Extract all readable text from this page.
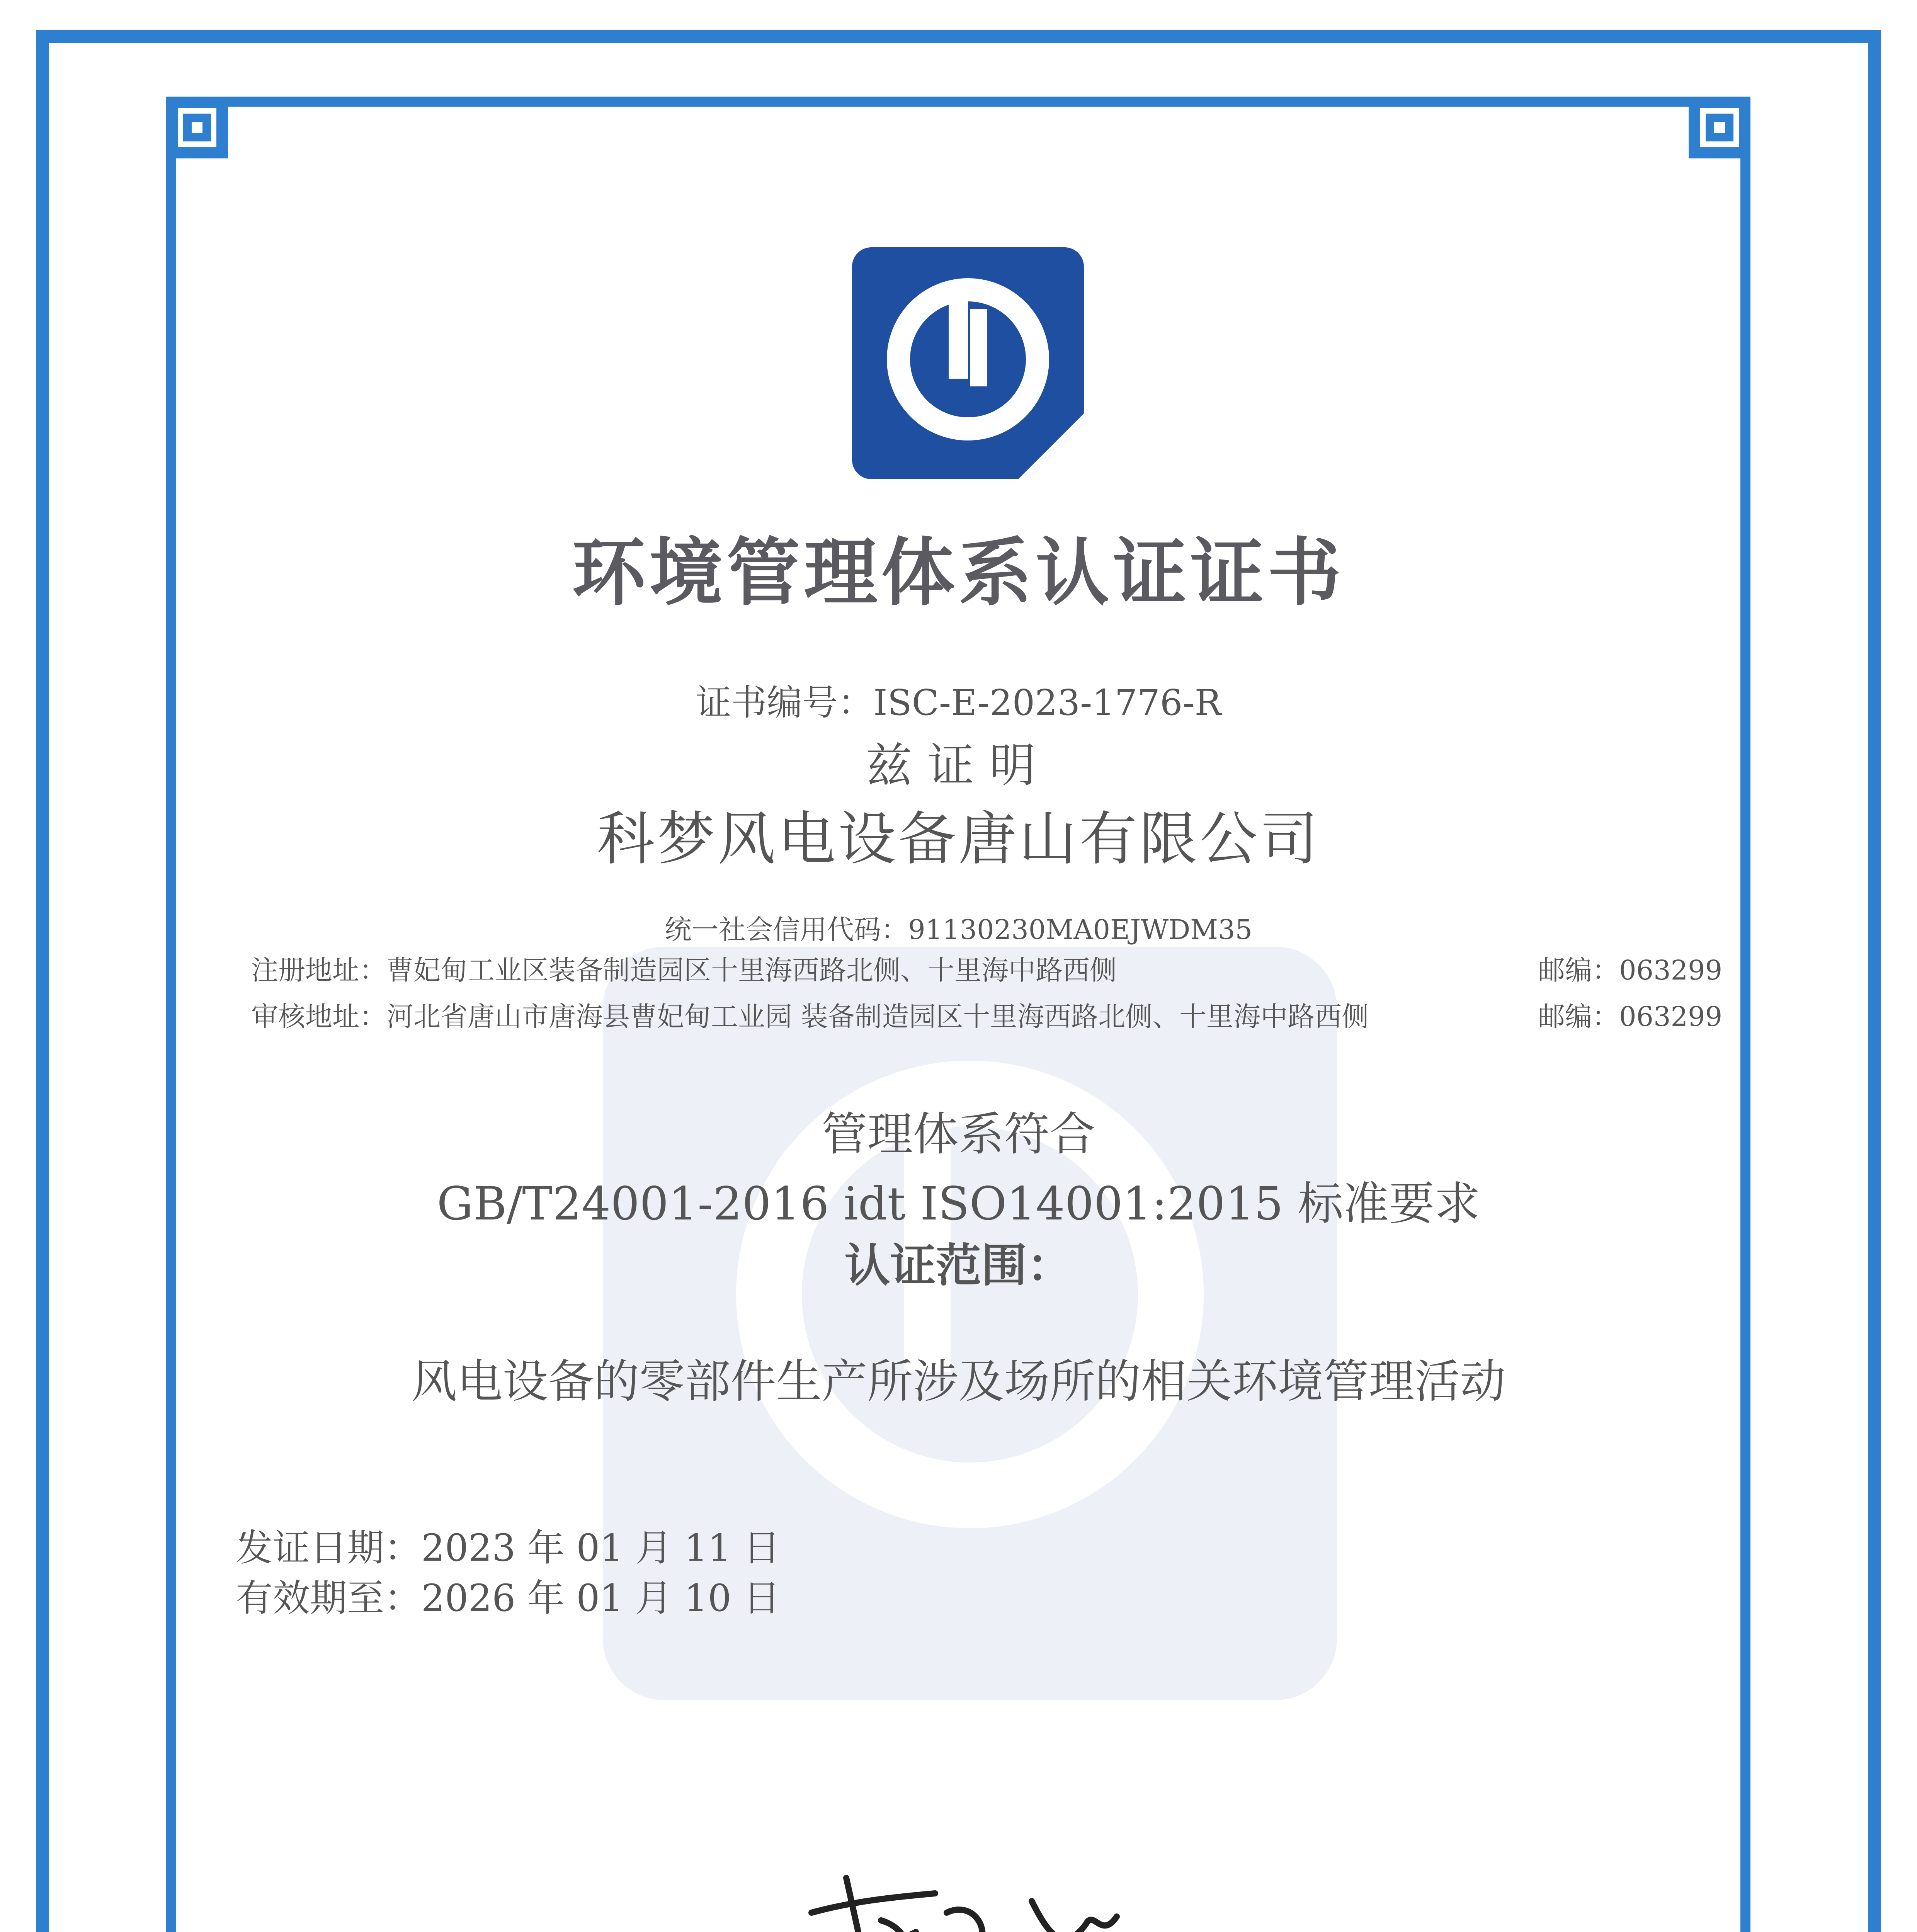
环境管理体系认证证书
证书编号：ISC-E-2023-1776-R
兹证明
科梦风电设备唐山有限公司
统一社会信用代码：91130230MA0EJWDM35
注册地址：曹妃甸工业区装备制造园区十里海西路北侧、十里海中路西侧	邮编：063299
审核地址：河北省唐山市唐海县曹妃甸工业园 装备制造园区十里海西路北侧、十里海中路西侧	邮编：063299
管理体系符合
GB/T24001-2016 idt ISO14001:2015 标准要求
认证范围：
风电设备的零部件生产所涉及场所的相关环境管理活动
发证日期：2023 年 01 月 11 日
有效期至：2026 年 01 月 10 日
